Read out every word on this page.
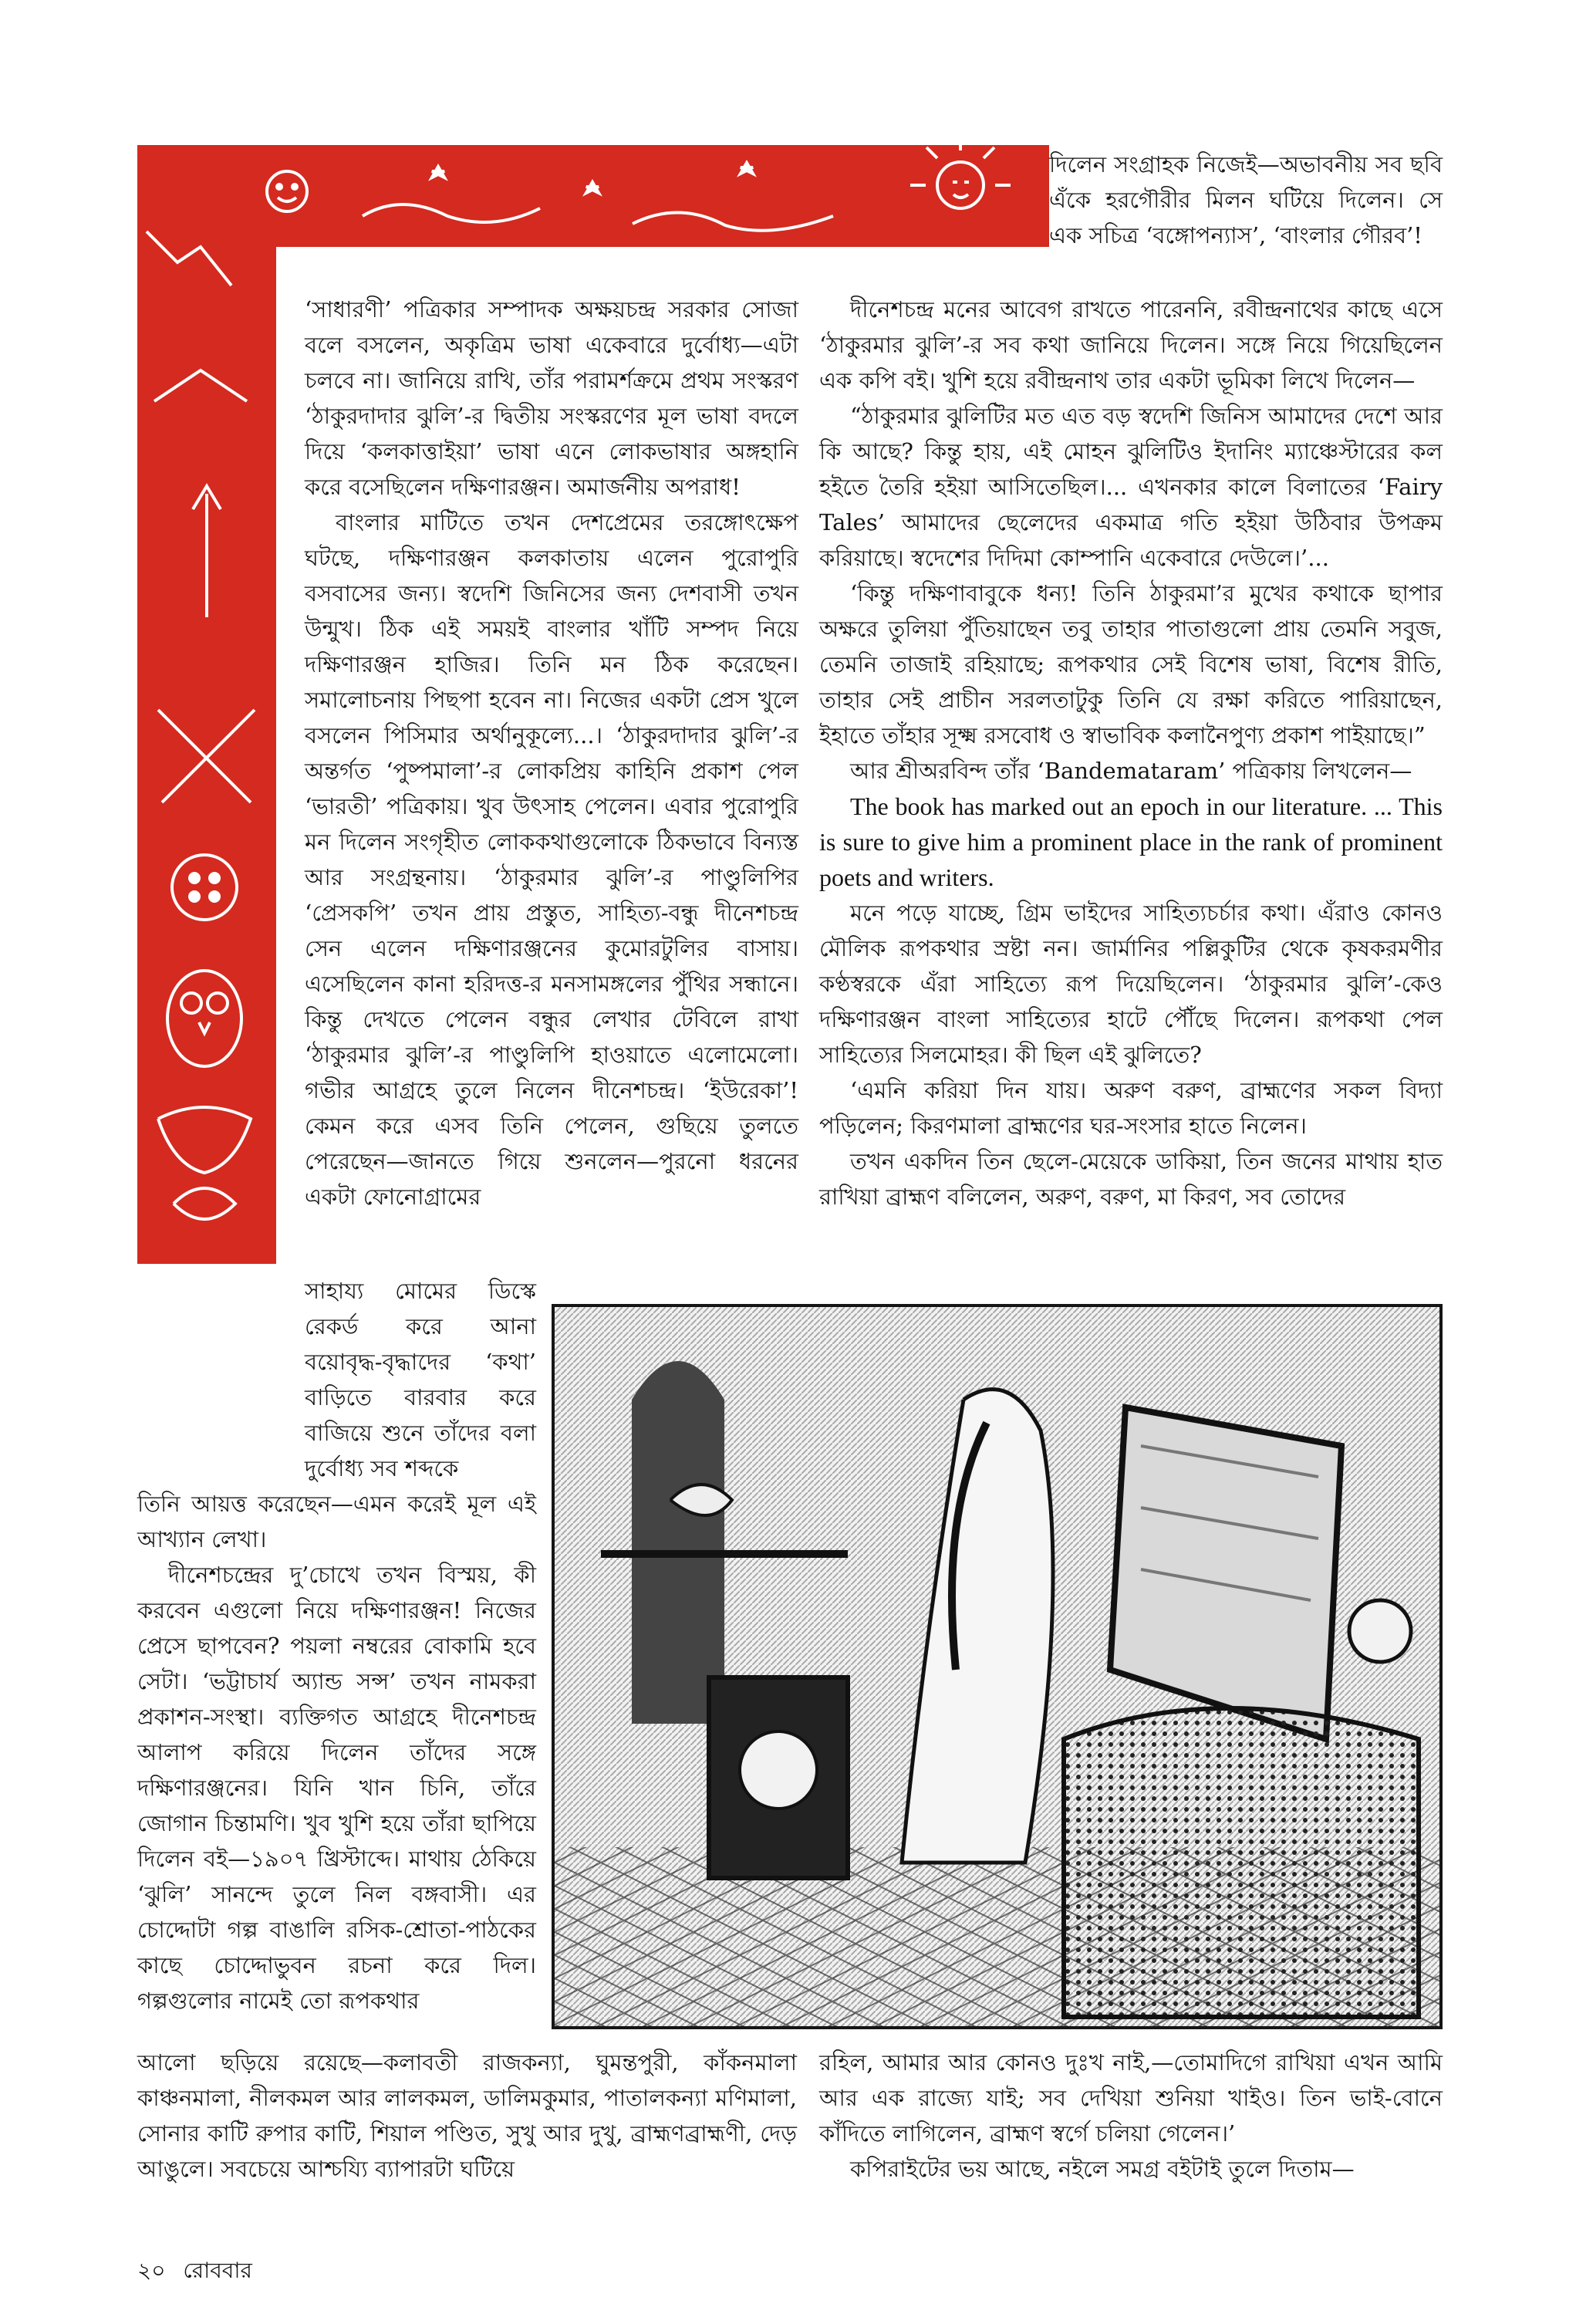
দিলেন সংগ্রাহক নিজেই—অভাবনীয় সব ছবি এঁকে হরগৌরীর মিলন ঘটিয়ে দিলেন। সে এক সচিত্র ‘বঙ্গোপন্যাস’, ‘বাংলার গৌরব’!

‘সাধারণী’ পত্রিকার সম্পাদক অক্ষয়চন্দ্র সরকার সোজা বলে বসলেন, অকৃত্রিম ভাষা একেবারে দুর্বোধ্য—এটা চলবে না। জানিয়ে রাখি, তাঁর পরামর্শক্রমে প্রথম সংস্করণ ‘ঠাকুরদাদার ঝুলি’-র দ্বিতীয় সংস্করণের মূল ভাষা বদলে দিয়ে ‘কলকাত্তাইয়া’ ভাষা এনে লোকভাষার অঙ্গহানি করে বসেছিলেন দক্ষিণারঞ্জন। অমার্জনীয় অপরাধ!

বাংলার মাটিতে তখন দেশপ্রেমের তরঙ্গোৎক্ষেপ ঘটছে, দক্ষিণারঞ্জন কলকাতায় এলেন পুরোপুরি বসবাসের জন্য। স্বদেশি জিনিসের জন্য দেশবাসী তখন উন্মুখ। ঠিক এই সময়ই বাংলার খাঁটি সম্পদ নিয়ে দক্ষিণারঞ্জন হাজির। তিনি মন ঠিক করেছেন। সমালোচনায় পিছপা হবেন না। নিজের একটা প্রেস খুলে বসলেন পিসিমার অর্থানুকূল্যে...। ‘ঠাকুরদাদার ঝুলি’-র অন্তর্গত ‘পুষ্পমালা’-র লোকপ্রিয় কাহিনি প্রকাশ পেল ‘ভারতী’ পত্রিকায়। খুব উৎসাহ পেলেন। এবার পুরোপুরি মন দিলেন সংগৃহীত লোককথাগুলোকে ঠিকভাবে বিন্যস্ত আর সংগ্রন্থনায়। ‘ঠাকুরমার ঝুলি’-র পাণ্ডুলিপির ‘প্রেসকপি’ তখন প্রায় প্রস্তুত, সাহিত্য-বন্ধু দীনেশচন্দ্র সেন এলেন দক্ষিণারঞ্জনের কুমোরটুলির বাসায়। এসেছিলেন কানা হরিদত্ত-র মনসামঙ্গলের পুঁথির সন্ধানে। কিন্তু দেখতে পেলেন বন্ধুর লেখার টেবিলে রাখা ‘ঠাকুরমার ঝুলি’-র পাণ্ডুলিপি হাওয়াতে এলোমেলো। গভীর আগ্রহে তুলে নিলেন দীনেশচন্দ্র। ‘ইউরেকা’! কেমন করে এসব তিনি পেলেন, গুছিয়ে তুলতে পেরেছেন—জানতে গিয়ে শুনলেন—পুরনো ধরনের একটা ফোনোগ্রামের

সাহায্য মোমের ডিস্কে রেকর্ড করে আনা বয়োবৃদ্ধ-বৃদ্ধাদের ‘কথা’ বাড়িতে বারবার করে বাজিয়ে শুনে তাঁদের বলা দুর্বোধ্য সব শব্দকে

তিনি আয়ত্ত করেছেন—এমন করেই মূল এই আখ্যান লেখা।

দীনেশচন্দ্রের দু’চোখে তখন বিস্ময়, কী করবেন এগুলো নিয়ে দক্ষিণারঞ্জন! নিজের প্রেসে ছাপবেন? পয়লা নম্বরের বোকামি হবে সেটা। ‘ভট্টাচার্য অ্যান্ড সন্স’ তখন নামকরা প্রকাশন-সংস্থা। ব্যক্তিগত আগ্রহে দীনেশচন্দ্র আলাপ করিয়ে দিলেন তাঁদের সঙ্গে দক্ষিণারঞ্জনের। যিনি খান চিনি, তাঁরে জোগান চিন্তামণি। খুব খুশি হয়ে তাঁরা ছাপিয়ে দিলেন বই—১৯০৭ খ্রিস্টাব্দে। মাথায় ঠেকিয়ে ‘ঝুলি’ সানন্দে তুলে নিল বঙ্গবাসী। এর চোদ্দোটা গল্প বাঙালি রসিক-শ্রোতা-পাঠকের কাছে চোদ্দোভুবন রচনা করে দিল। গল্পগুলোর নামেই তো রূপকথার

দীনেশচন্দ্র মনের আবেগ রাখতে পারেননি, রবীন্দ্রনাথের কাছে এসে ‘ঠাকুরমার ঝুলি’-র সব কথা জানিয়ে দিলেন। সঙ্গে নিয়ে গিয়েছিলেন এক কপি বই। খুশি হয়ে রবীন্দ্রনাথ তার একটা ভূমিকা লিখে দিলেন—

“ঠাকুরমার ঝুলিটির মত এত বড় স্বদেশি জিনিস আমাদের দেশে আর কি আছে? কিন্তু হায়, এই মোহন ঝুলিটিও ইদানিং ম্যাঞ্চেস্টারের কল হইতে তৈরি হইয়া আসিতেছিল।... এখনকার কালে বিলাতের ‘Fairy Tales’ আমাদের ছেলেদের একমাত্র গতি হইয়া উঠিবার উপক্রম করিয়াছে। স্বদেশের দিদিমা কোম্পানি একেবারে দেউলে।’...

‘কিন্তু দক্ষিণাবাবুকে ধন্য! তিনি ঠাকুরমা’র মুখের কথাকে ছাপার অক্ষরে তুলিয়া পুঁতিয়াছেন তবু তাহার পাতাগুলো প্রায় তেমনি সবুজ, তেমনি তাজাই রহিয়াছে; রূপকথার সেই বিশেষ ভাষা, বিশেষ রীতি, তাহার সেই প্রাচীন সরলতাটুকু তিনি যে রক্ষা করিতে পারিয়াছেন, ইহাতে তাঁহার সূক্ষ্ম রসবোধ ও স্বাভাবিক কলানৈপুণ্য প্রকাশ পাইয়াছে।”

আর শ্রীঅরবিন্দ তাঁর ‘Bandemataram’ পত্রিকায় লিখলেন—

The book has marked out an epoch in our literature. ... This is sure to give him a prominent place in the rank of prominent poets and writers.

মনে পড়ে যাচ্ছে, গ্রিম ভাইদের সাহিত্যচর্চার কথা। এঁরাও কোনও মৌলিক রূপকথার স্রষ্টা নন। জার্মানির পল্লিকুটির থেকে কৃষকরমণীর কণ্ঠস্বরকে এঁরা সাহিত্যে রূপ দিয়েছিলেন। ‘ঠাকুরমার ঝুলি’-কেও দক্ষিণারঞ্জন বাংলা সাহিত্যের হাটে পৌঁছে দিলেন। রূপকথা পেল সাহিত্যের সিলমোহর। কী ছিল এই ঝুলিতে?

‘এমনি করিয়া দিন যায়। অরুণ বরুণ, ব্রাহ্মণের সকল বিদ্যা পড়িলেন; কিরণমালা ব্রাহ্মণের ঘর-সংসার হাতে নিলেন।

তখন একদিন তিন ছেলে-মেয়েকে ডাকিয়া, তিন জনের মাথায় হাত রাখিয়া ব্রাহ্মণ বলিলেন, অরুণ, বরুণ, মা কিরণ, সব তোদের

আলো ছড়িয়ে রয়েছে—কলাবতী রাজকন্যা, ঘুমন্তপুরী, কাঁকনমালা কাঞ্চনমালা, নীলকমল আর লালকমল, ডালিমকুমার, পাতালকন্যা মণিমালা, সোনার কাটি রুপার কাটি, শিয়াল পণ্ডিত, সুখু আর দুখু, ব্রাহ্মণব্রাহ্মণী, দেড় আঙুলে। সবচেয়ে আশ্চয্যি ব্যাপারটা ঘটিয়ে

রহিল, আমার আর কোনও দুঃখ নাই,—তোমাদিগে রাখিয়া এখন আমি আর এক রাজ্যে যাই; সব দেখিয়া শুনিয়া খাইও। তিন ভাই-বোনে কাঁদিতে লাগিলেন, ব্রাহ্মণ স্বর্গে চলিয়া গেলেন।’

কপিরাইটের ভয় আছে, নইলে সমগ্র বইটাই তুলে দিতাম—

২০ রোববার
